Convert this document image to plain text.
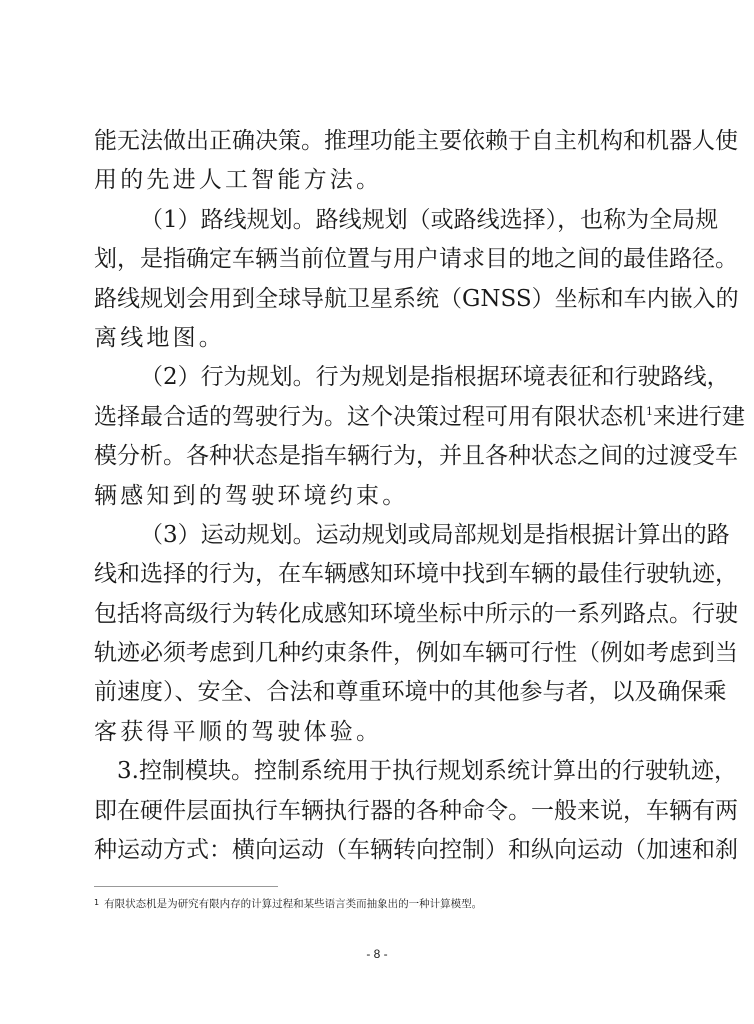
能无法做出正确决策。推理功能主要依赖于自主机构和机器人使
用的先进人工智能方法。
（1）路线规划。路线规划（或路线选择），也称为全局规
划，是指确定车辆当前位置与用户请求目的地之间的最佳路径。
路线规划会用到全球导航卫星系统（GNSS）坐标和车内嵌入的
离线地图。
（2）行为规划。行为规划是指根据环境表征和行驶路线，
选择最合适的驾驶行为。这个决策过程可用有限状态机$^1$来进行建
模分析。各种状态是指车辆行为，并且各种状态之间的过渡受车
辆感知到的驾驶环境约束。
（3）运动规划。运动规划或局部规划是指根据计算出的路
线和选择的行为，在车辆感知环境中找到车辆的最佳行驶轨迹，
包括将高级行为转化成感知环境坐标中所示的一系列路点。行驶
轨迹必须考虑到几种约束条件，例如车辆可行性（例如考虑到当
前速度）、安全、合法和尊重环境中的其他参与者，以及确保乘
客获得平顺的驾驶体验。
3.控制模块。控制系统用于执行规划系统计算出的行驶轨迹，
即在硬件层面执行车辆执行器的各种命令。一般来说，车辆有两
种运动方式：横向运动（车辆转向控制）和纵向运动（加速和刹
1 有限状态机是为研究有限内存的计算过程和某些语言类而抽象出的一种计算模型。
- 8 -
